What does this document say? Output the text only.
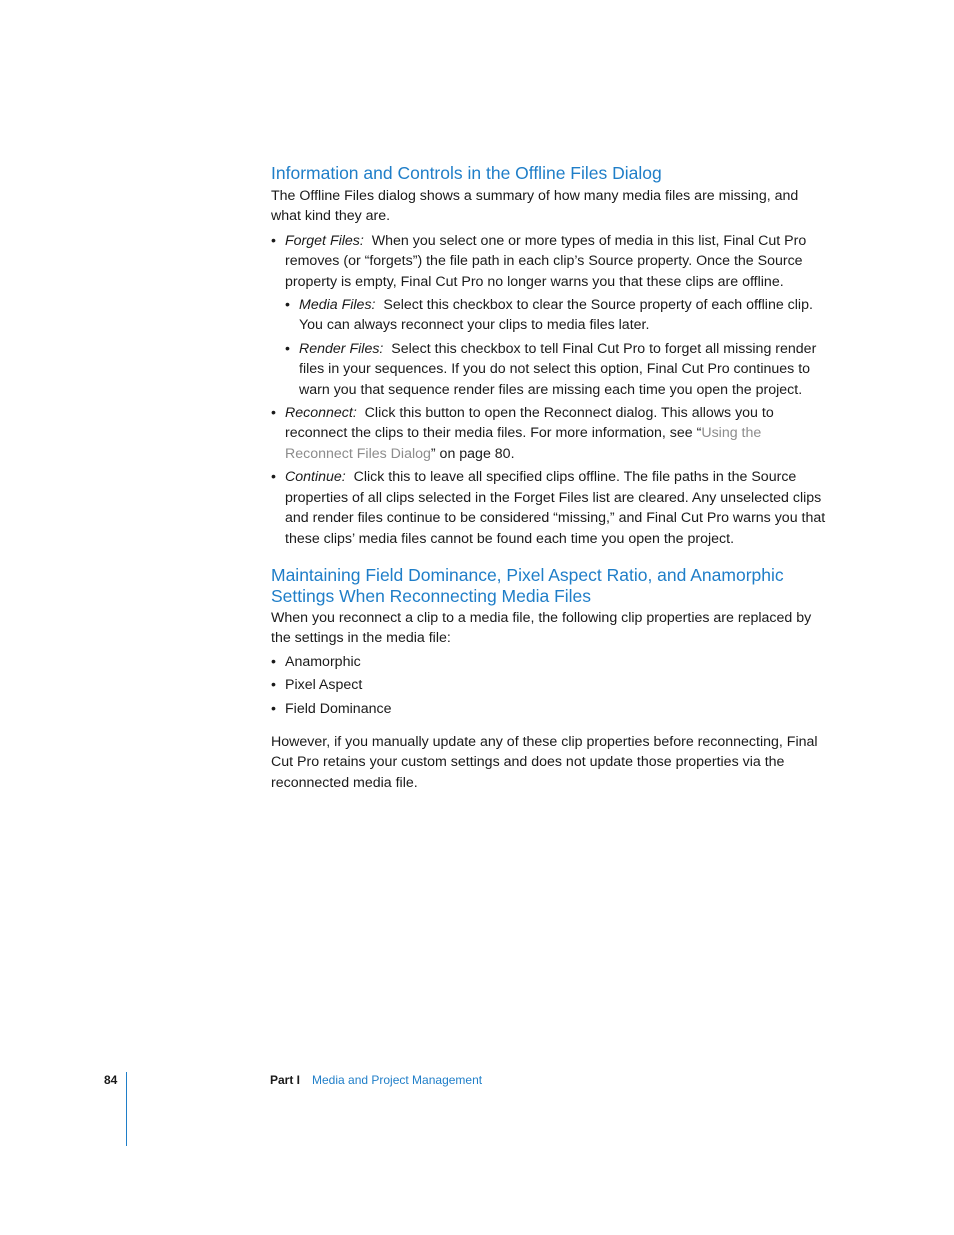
Information and Controls in the Offline Files Dialog

The Offline Files dialog shows a summary of how many media files are missing, and what kind they are.

• Forget Files: When you select one or more types of media in this list, Final Cut Pro removes (or “forgets”) the file path in each clip’s Source property. Once the Source property is empty, Final Cut Pro no longer warns you that these clips are offline.
• Media Files: Select this checkbox to clear the Source property of each offline clip. You can always reconnect your clips to media files later.
• Render Files: Select this checkbox to tell Final Cut Pro to forget all missing render files in your sequences. If you do not select this option, Final Cut Pro continues to warn you that sequence render files are missing each time you open the project.
• Reconnect: Click this button to open the Reconnect dialog. This allows you to reconnect the clips to their media files. For more information, see “Using the Reconnect Files Dialog” on page 80.
• Continue: Click this to leave all specified clips offline. The file paths in the Source properties of all clips selected in the Forget Files list are cleared. Any unselected clips and render files continue to be considered “missing,” and Final Cut Pro warns you that these clips’ media files cannot be found each time you open the project.
Maintaining Field Dominance, Pixel Aspect Ratio, and Anamorphic Settings When Reconnecting Media Files

When you reconnect a clip to a media file, the following clip properties are replaced by the settings in the media file:

• Anamorphic
• Pixel Aspect
• Field Dominance

However, if you manually update any of these clip properties before reconnecting, Final Cut Pro retains your custom settings and does not update those properties via the reconnected media file.

84	Part I Media and Project Management
